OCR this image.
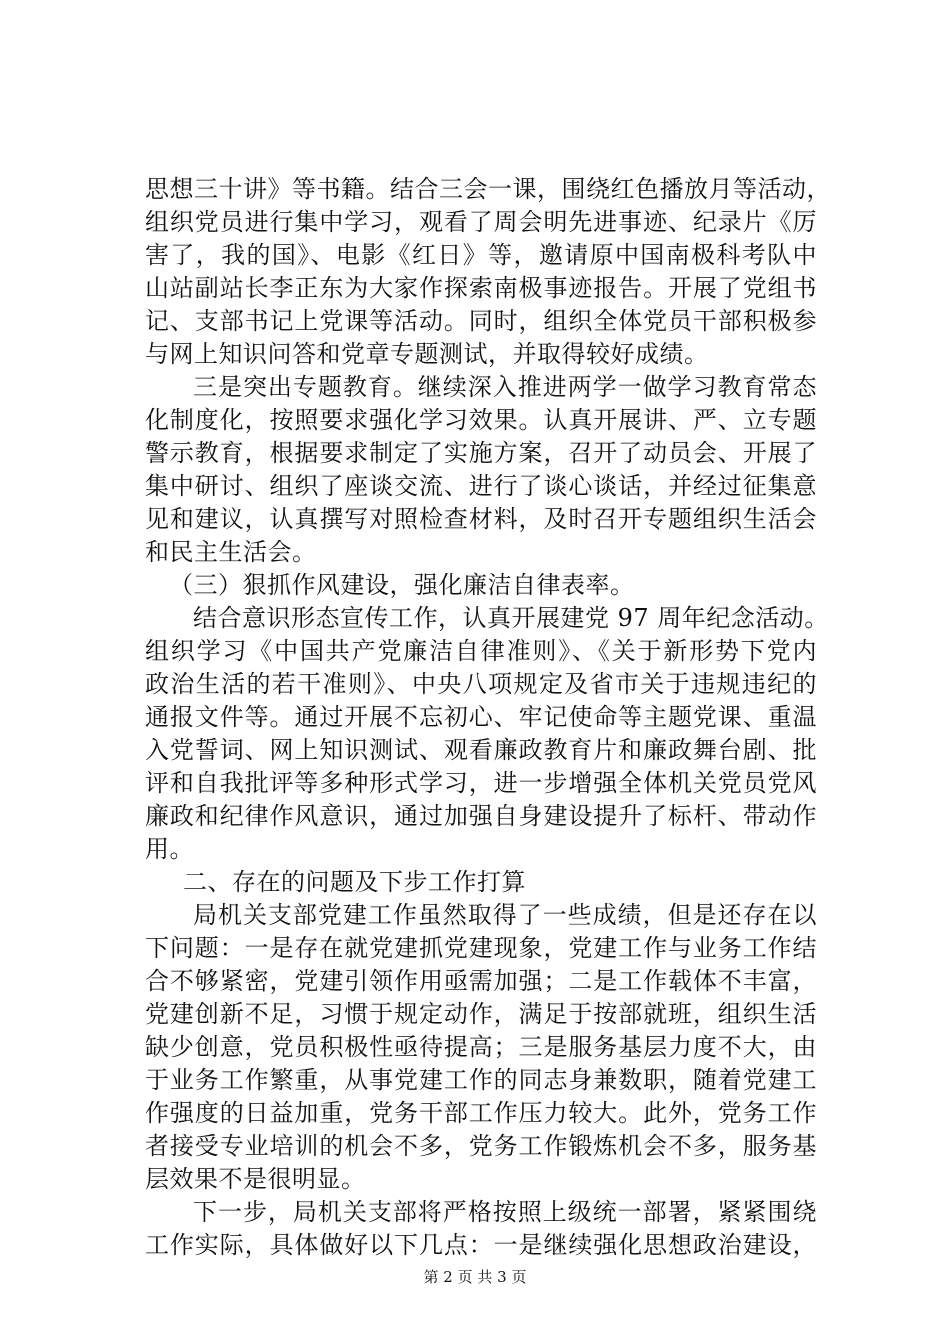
思想三十讲》等书籍。结合三会一课，围绕红色播放月等活动，
组织党员进行集中学习，观看了周会明先进事迹、纪录片《厉
害了，我的国》、电影《红日》等，邀请原中国南极科考队中
山站副站长李正东为大家作探索南极事迹报告。开展了党组书
记、支部书记上党课等活动。同时，组织全体党员干部积极参
与网上知识问答和党章专题测试，并取得较好成绩。
三是突出专题教育。继续深入推进两学一做学习教育常态
化制度化，按照要求强化学习效果。认真开展讲、严、立专题
警示教育，根据要求制定了实施方案，召开了动员会、开展了
集中研讨、组织了座谈交流、进行了谈心谈话，并经过征集意
见和建议，认真撰写对照检查材料，及时召开专题组织生活会
和民主生活会。
（三）狠抓作风建设，强化廉洁自律表率。
结合意识形态宣传工作，认真开展建党 97 周年纪念活动。
组织学习《中国共产党廉洁自律准则》、《关于新形势下党内
政治生活的若干准则》、中央八项规定及省市关于违规违纪的
通报文件等。通过开展不忘初心、牢记使命等主题党课、重温
入党誓词、网上知识测试、观看廉政教育片和廉政舞台剧、批
评和自我批评等多种形式学习，进一步增强全体机关党员党风
廉政和纪律作风意识，通过加强自身建设提升了标杆、带动作
用。
二、存在的问题及下步工作打算
局机关支部党建工作虽然取得了一些成绩，但是还存在以
下问题：一是存在就党建抓党建现象，党建工作与业务工作结
合不够紧密，党建引领作用亟需加强；二是工作载体不丰富，
党建创新不足，习惯于规定动作，满足于按部就班，组织生活
缺少创意，党员积极性亟待提高；三是服务基层力度不大，由
于业务工作繁重，从事党建工作的同志身兼数职，随着党建工
作强度的日益加重，党务干部工作压力较大。此外，党务工作
者接受专业培训的机会不多，党务工作锻炼机会不多，服务基
层效果不是很明显。
下一步，局机关支部将严格按照上级统一部署，紧紧围绕
工作实际，具体做好以下几点：一是继续强化思想政治建设，
第 2 页 共 3 页
